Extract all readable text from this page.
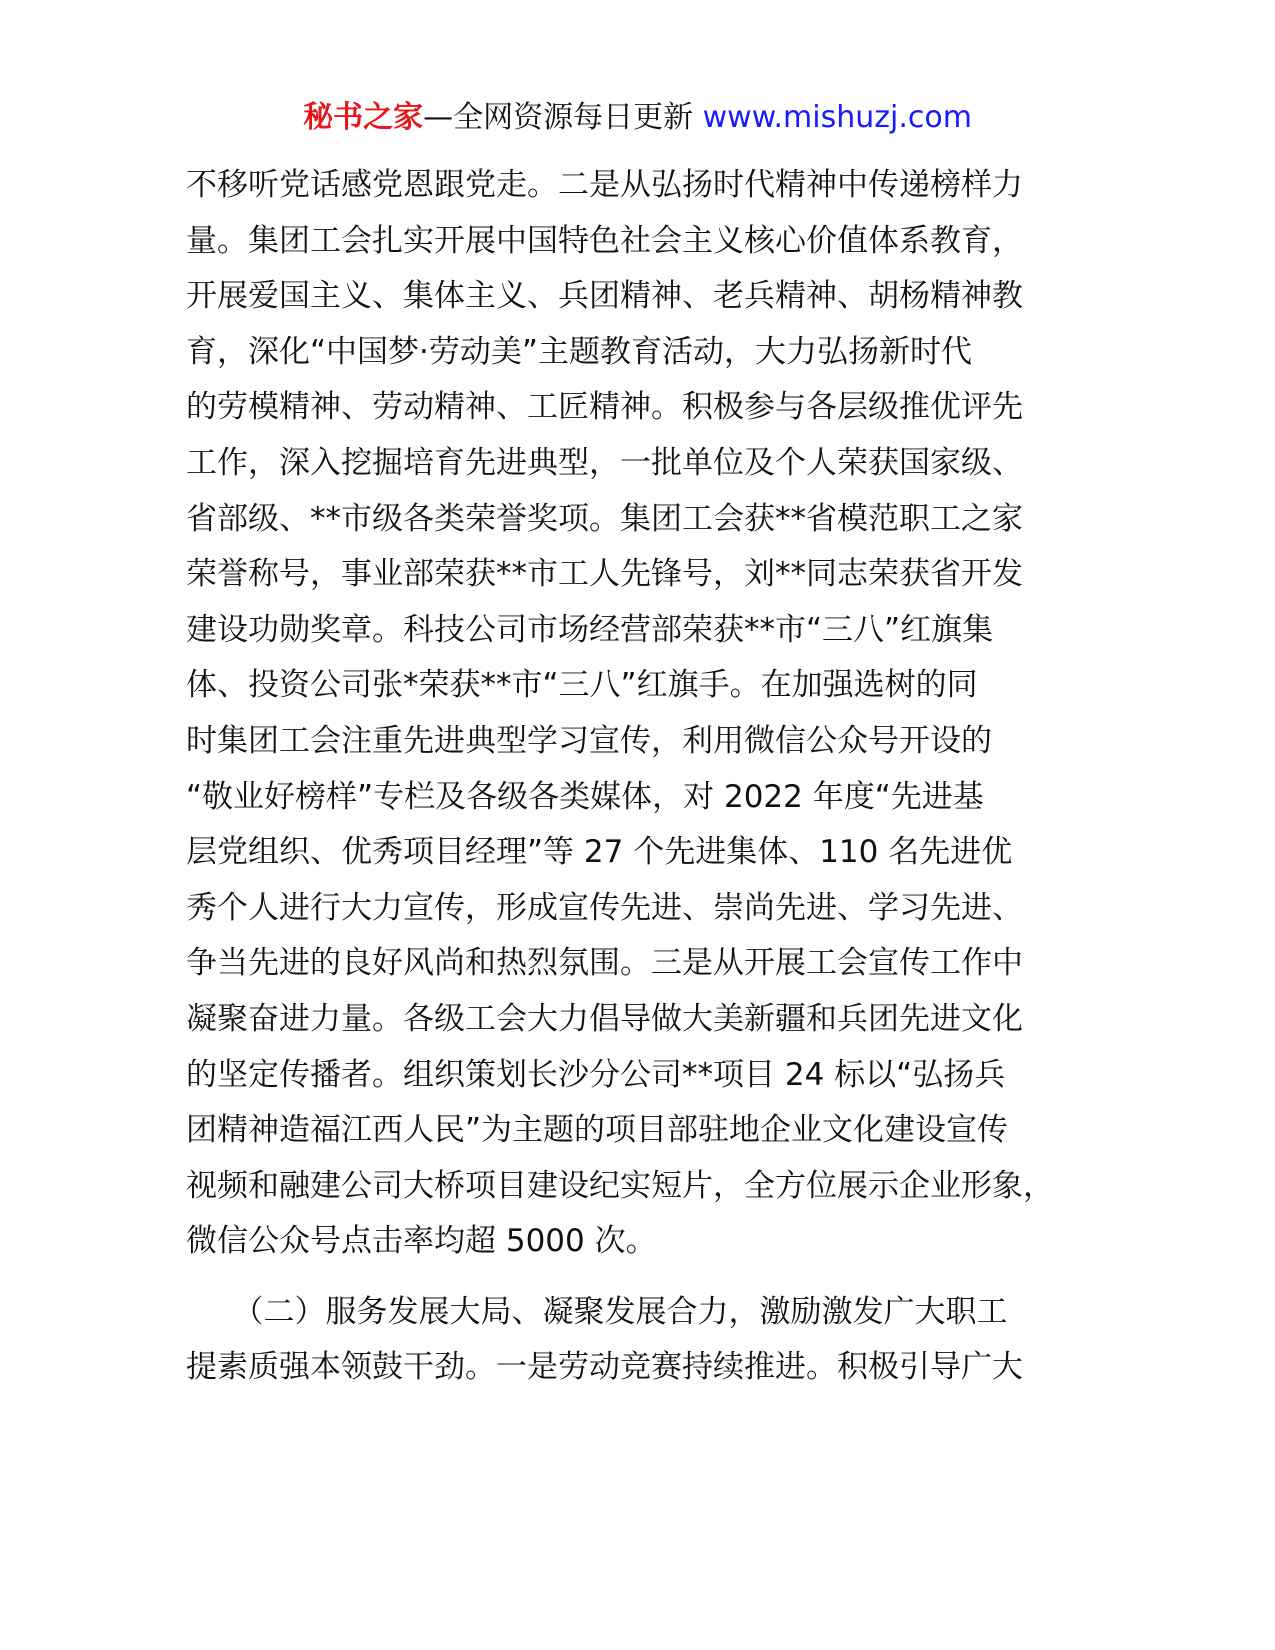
秘书之家—全网资源每日更新 www.mishuzj.com

不移听党话感党恩跟党走。二是从弘扬时代精神中传递榜样力
量。集团工会扎实开展中国特色社会主义核心价值体系教育，
开展爱国主义、集体主义、兵团精神、老兵精神、胡杨精神教
育，深化“中国梦·劳动美”主题教育活动，大力弘扬新时代
的劳模精神、劳动精神、工匠精神。积极参与各层级推优评先
工作，深入挖掘培育先进典型，一批单位及个人荣获国家级、
省部级、**市级各类荣誉奖项。集团工会获**省模范职工之家
荣誉称号，事业部荣获**市工人先锋号，刘**同志荣获省开发
建设功勋奖章。科技公司市场经营部荣获**市“三八”红旗集
体、投资公司张*荣获**市“三八”红旗手。在加强选树的同
时集团工会注重先进典型学习宣传，利用微信公众号开设的
“敬业好榜样”专栏及各级各类媒体，对 2022 年度“先进基
层党组织、优秀项目经理”等 27 个先进集体、110 名先进优
秀个人进行大力宣传，形成宣传先进、崇尚先进、学习先进、
争当先进的良好风尚和热烈氛围。三是从开展工会宣传工作中
凝聚奋进力量。各级工会大力倡导做大美新疆和兵团先进文化
的坚定传播者。组织策划长沙分公司**项目 24 标以“弘扬兵
团精神造福江西人民”为主题的项目部驻地企业文化建设宣传
视频和融建公司大桥项目建设纪实短片，全方位展示企业形象，
微信公众号点击率均超 5000 次。

　　（二）服务发展大局、凝聚发展合力，激励激发广大职工
提素质强本领鼓干劲。一是劳动竞赛持续推进。积极引导广大
